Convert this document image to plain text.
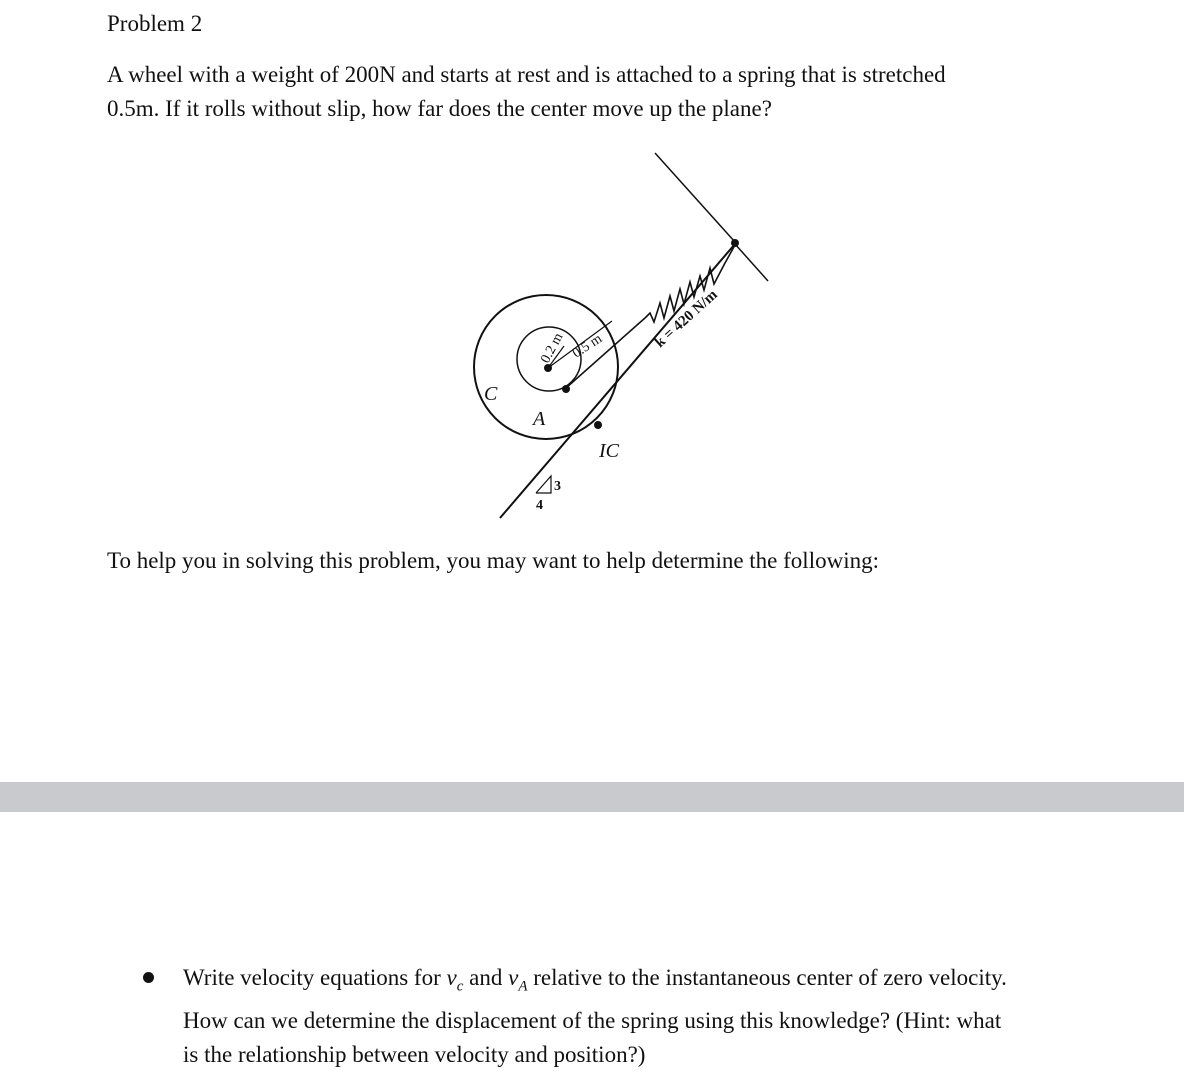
Problem 2
A wheel with a weight of 200N and starts at rest and is attached to a spring that is stretched
0.5m. If it rolls without slip, how far does the center move up the plane?
0.2 m 0.5 m	k = 420 N/m
C
A
IC
3
4
To help you in solving this problem, you may want to help determine the following:
Write velocity equations for $v_c$ and $v_A$ relative to the instantaneous center of zero velocity.
How can we determine the displacement of the spring using this knowledge? (Hint: what
is the relationship between velocity and position?)
